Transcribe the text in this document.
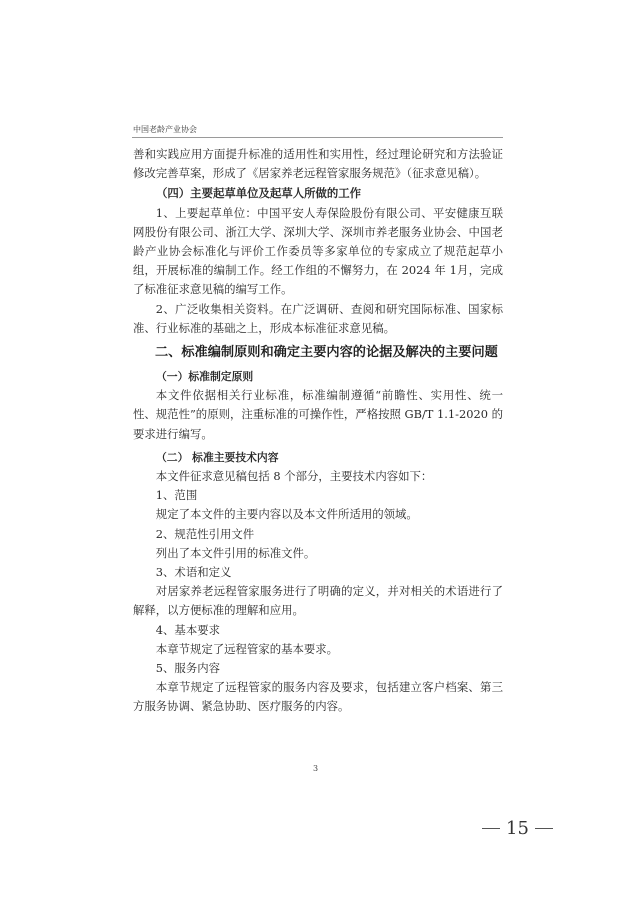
中国老龄产业协会

善和实践应用方面提升标准的适用性和实用性，经过理论研究和方法验证修改完善草案，形成了《居家养老远程管家服务规范》（征求意见稿）。

（四）主要起草单位及起草人所做的工作

1、上要起草单位：中国平安人寿保险股份有限公司、平安健康互联网股份有限公司、浙江大学、深圳大学、深圳市养老服务业协会、中国老龄产业协会标准化与评价工作委员等多家单位的专家成立了规范起草小组，开展标准的编制工作。经工作组的不懈努力，在 2024 年 1月，完成了标准征求意见稿的编写工作。

2、广泛收集相关资料。在广泛调研、查阅和研究国际标准、国家标准、行业标准的基础之上，形成本标准征求意见稿。

二、标准编制原则和确定主要内容的论据及解决的主要问题

（一）标准制定原则

本文件依据相关行业标准，标准编制遵循“前瞻性、实用性、统一性、规范性”的原则，注重标准的可操作性，严格按照 GB/T 1.1-2020 的要求进行编写。

（二） 标准主要技术内容

本文件征求意见稿包括 8 个部分，主要技术内容如下：

1、范围

规定了本文件的主要内容以及本文件所适用的领域。

2、规范性引用文件

列出了本文件引用的标准文件。

3、术语和定义

对居家养老远程管家服务进行了明确的定义，并对相关的术语进行了解释，以方便标准的理解和应用。

4、基本要求

本章节规定了远程管家的基本要求。

5、服务内容

本章节规定了远程管家的服务内容及要求，包括建立客户档案、第三方服务协调、紧急协助、医疗服务的内容。

3
15
